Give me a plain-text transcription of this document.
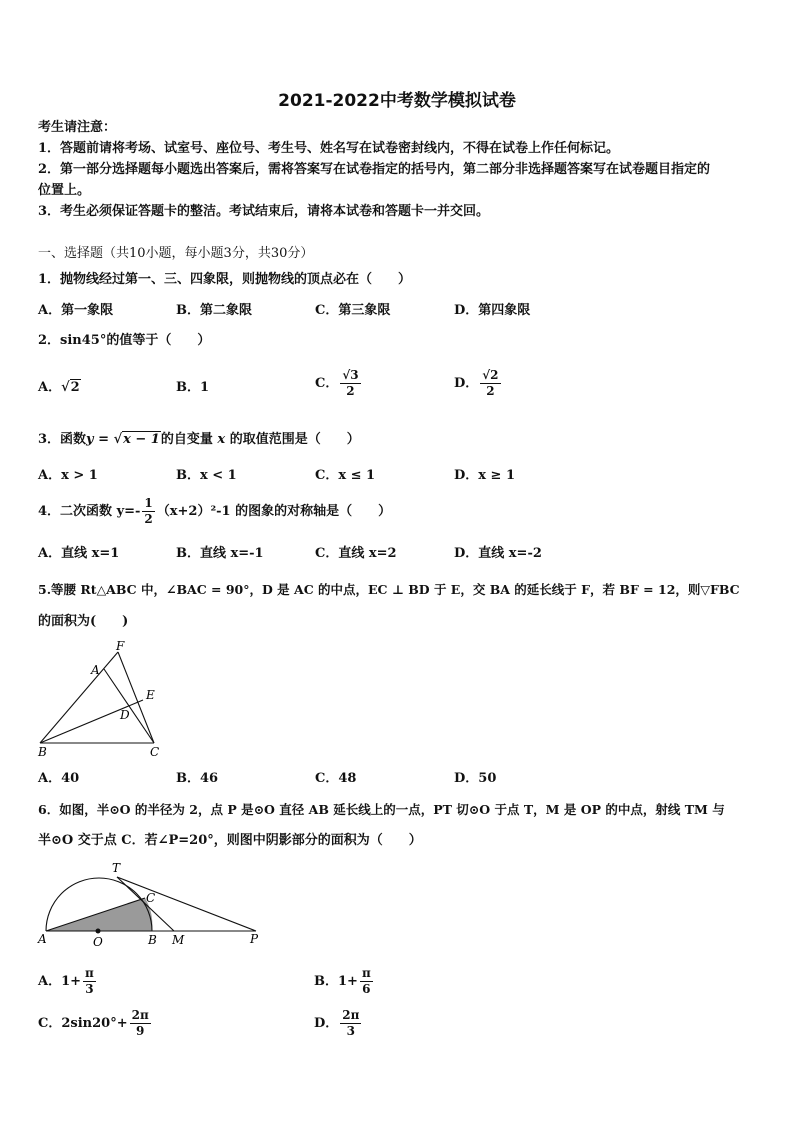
2021-2022中考数学模拟试卷
考生请注意：
1．答题前请将考场、试室号、座位号、考生号、姓名写在试卷密封线内，不得在试卷上作任何标记。
2．第一部分选择题每小题选出答案后，需将答案写在试卷指定的括号内，第二部分非选择题答案写在试卷题目指定的
位置上。
3．考生必须保证答题卡的整洁。考试结束后，请将本试卷和答题卡一并交回。
一、选择题（共10小题，每小题3分，共30分）
1．抛物线经过第一、三、四象限，则抛物线的顶点必在（　　）
A．第一象限	B．第二象限	C．第三象限	D．第四象限
2．sin45°的值等于（　　）
A．√2	B．1	C． $\frac{√3}{2}$	D． $\frac{√2}{2}$
3．函数y = √x − 1的自变量 x 的取值范围是（　　）
A．x > 1	B．x < 1	C．x ≤ 1	D．x ≥ 1
4．二次函数 $y=- \frac{1}{2} (x+2)^2-1$ 的图象的对称轴是（　　）
A．直线 x=1	B．直线 x=-1	C．直线 x=2	D．直线 x=-2
5.等腰 Rt△ABC 中，∠BAC = 90°，D 是 AC 的中点，EC ⊥ BD 于 E，交 BA 的延长线于 F，若 BF = 12，则▽FBC
的面积为(　　)
F
A
E
D
B	C
A．40	B．46	C．48	D．50
6．如图，半⊙O 的半径为 2，点 P 是⊙O 直径 AB 延长线上的一点，PT 切⊙O 于点 T，M 是 OP 的中点，射线 TM 与
半⊙O 交于点 C．若∠P=20°，则图中阴影部分的面积为（　　）
T
C
A	O	B M	P
A．$1+ \frac{\pi}{3}$	B．$1+ \frac{\pi}{6}$
C．$2\sin 20^\circ+ \frac{2\pi}{9}$	D． $\frac{2\pi}{3}$
